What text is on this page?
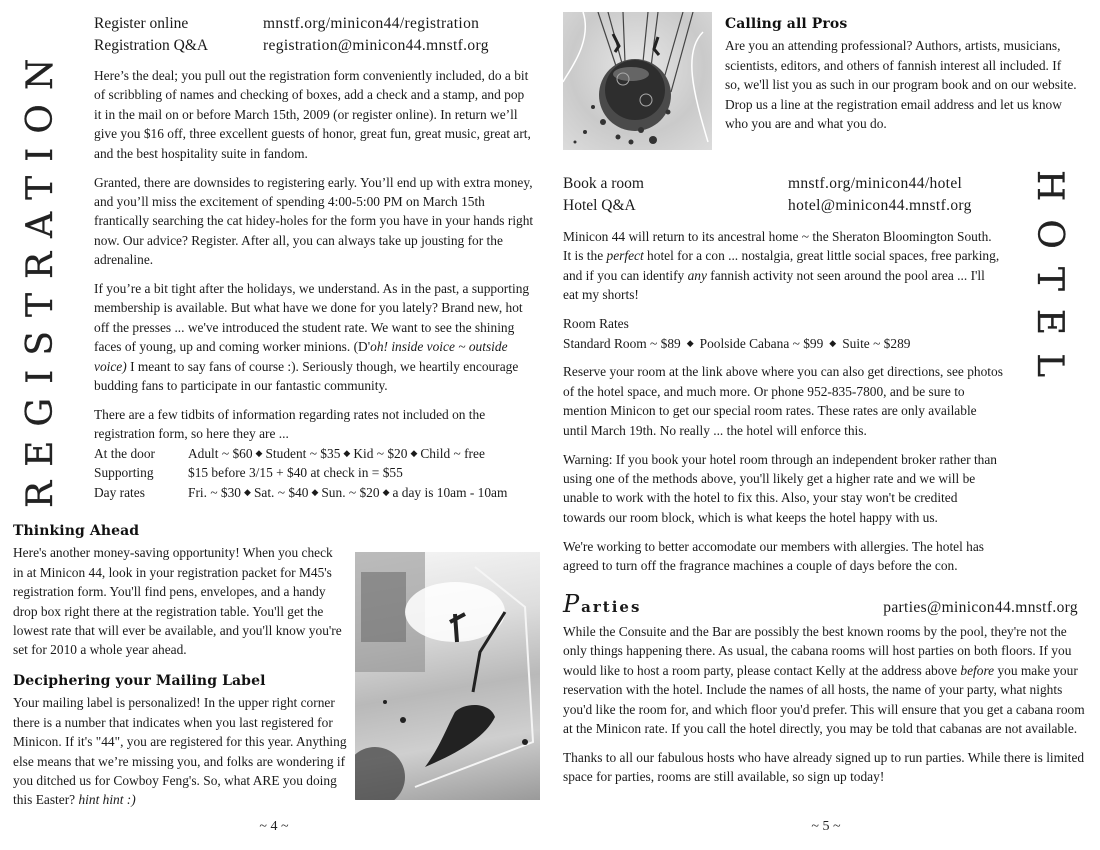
REGISTRATION
Register online	mnstf.org/minicon44/registration
Registration Q&A	registration@minicon44.mnstf.org

Here’s the deal; you pull out the registration form conveniently included, do a bit of scribbling of names and checking of boxes, add a check and a stamp, and pop it in the mail on or before March 15th, 2009 (or register online). In return we’ll give you $16 off, three excellent guests of honor, great fun, great music, great art, and the best hospitality suite in fandom.

Granted, there are downsides to registering early. You’ll end up with extra money, and you’ll miss the excitement of spending 4:00-5:00 PM on March 15th frantically searching the cat hidey-holes for the form you have in your hands right now. Our advice? Register. After all, you can always take up jousting for the adrenaline.

If you’re a bit tight after the holidays, we understand. As in the past, a supporting membership is available. But what have we done for you lately? Brand new, hot off the presses ... we've introduced the student rate. We want to see the shining faces of young, up and coming worker minions. (D'oh! inside voice ~ outside voice) I meant to say fans of course :). Seriously though, we heartily encourage budding fans to participate in our fantastic community.

There are a few tidbits of information regarding rates not included on the registration form, so here they are ...

At the door	Adult ~ $60 ◆ Student ~ $35 ◆ Kid ~ $20 ◆ Child ~ free
Supporting	$15 before 3/15 + $40 at check in = $55
Day rates	Fri. ~ $30 ◆ Sat. ~ $40 ◆ Sun. ~ $20 ◆ a day is 10am - 10am
Thinking Ahead

Here's another money-saving opportunity! When you check in at Minicon 44, look in your registration packet for M45's registration form. You'll find pens, envelopes, and a handy drop box right there at the registration table. You'll get the lowest rate that will ever be available, and you'll know you're set for 2010 a whole year ahead.

Deciphering your Mailing Label

Your mailing label is personalized! In the upper right corner there is a number that indicates when you last registered for Minicon. If it's "44", you are registered for this year. Anything else means that we’re missing you, and folks are wondering if you ditched us for Cowboy Feng's. So, what ARE you doing this Easter? hint hint :)

~ 4 ~
Calling all Pros

Are you an attending professional? Authors, artists, musicians, scientists, editors, and others of fannish interest all included. If so, we'll list you as such in our program book and on our website. Drop us a line at the registration email address and let us know who you are and what you do.

HOTEL
Book a room	mnstf.org/minicon44/hotel
Hotel Q&A	hotel@minicon44.mnstf.org

Minicon 44 will return to its ancestral home ~ the Sheraton Bloomington South. It is the perfect hotel for a con ... nostalgia, great little social spaces, free parking, and if you can identify any fannish activity not seen around the pool area ... I'll eat my shorts!

Room Rates

Standard Room ~ $89 ◆ Poolside Cabana ~ $99 ◆ Suite ~ $289

Reserve your room at the link above where you can also get directions, see photos of the hotel space, and much more. Or phone 952-835-7800, and be sure to mention Minicon to get our special room rates. These rates are only available until March 19th. No really ... the hotel will enforce this.

Warning: If you book your hotel room through an independent broker rather than using one of the methods above, you'll likely get a higher rate and we will be unable to work with the hotel to fix this. Also, your stay won't be credited towards our room block, which is what keeps the hotel happy with us.

We're working to better accomodate our members with allergies. The hotel has agreed to turn off the fragrance machines a couple of days before the con.

Parties	parties@minicon44.mnstf.org

While the Consuite and the Bar are possibly the best known rooms by the pool, they're not the only things happening there. As usual, the cabana rooms will host parties on both floors. If you would like to host a room party, please contact Kelly at the address above before you make your reservation with the hotel. Include the names of all hosts, the name of your party, what nights you'd like the room for, and which floor you'd prefer. This will ensure that you get a cabana room at the Minicon rate. If you call the hotel directly, you may be told that cabanas are not available.

Thanks to all our fabulous hosts who have already signed up to run parties. While there is limited space for parties, rooms are still available, so sign up today!

~ 5 ~
